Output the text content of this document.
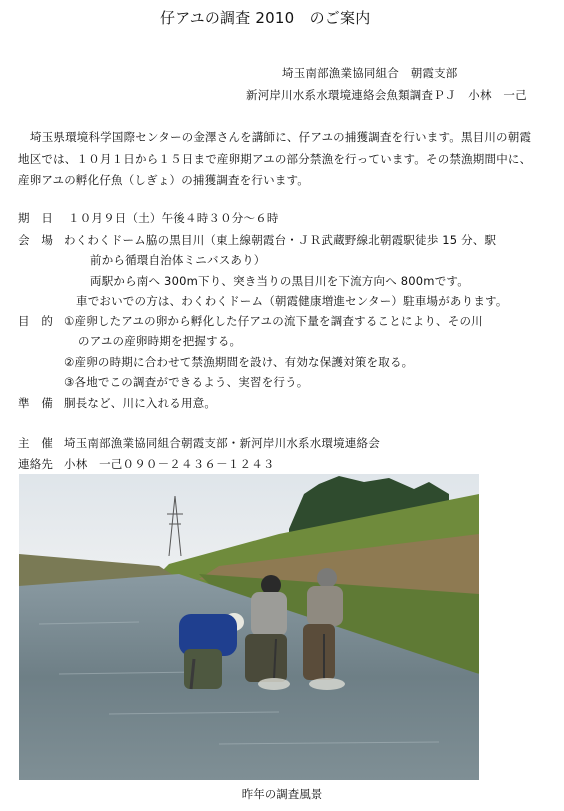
仔アユの調査 2010　のご案内
埼玉南部漁業協同組合　朝霞支部
新河岸川水系水環境連絡会魚類調査ＰＪ　小林　一己
埼玉県環境科学国際センターの金澤さんを講師に、仔アユの捕獲調査を行います。黒目川の朝霞
地区では、１０月１日から１５日まで産卵期アユの部分禁漁を行っています。その禁漁期間中に、
産卵アユの孵化仔魚（しぎょ）の捕獲調査を行います。
期　日 １０月９日（土）午後４時３０分～６時
会　場 わくわくドーム脇の黒目川（東上線朝霞台・ＪＲ武蔵野線北朝霞駅徒歩 15 分、駅
前から循環自治体ミニバスあり）
両駅から南へ 300m下り、突き当りの黒目川を下流方向へ 800mです。
車でおいでの方は、わくわくドーム（朝霞健康増進センター）駐車場があります。
目　的 ①産卵したアユの卵から孵化した仔アユの流下量を調査することにより、その川
のアユの産卵時期を把握する。
②産卵の時期に合わせて禁漁期間を設け、有効な保護対策を取る。
③各地でこの調査ができるよう、実習を行う。
準　備 胴長など、川に入れる用意。
主　催 埼玉南部漁業協同組合朝霞支部・新河岸川水系水環境連絡会
連絡先 小林　一己０９０－２４３６－１２４３
昨年の調査風景
